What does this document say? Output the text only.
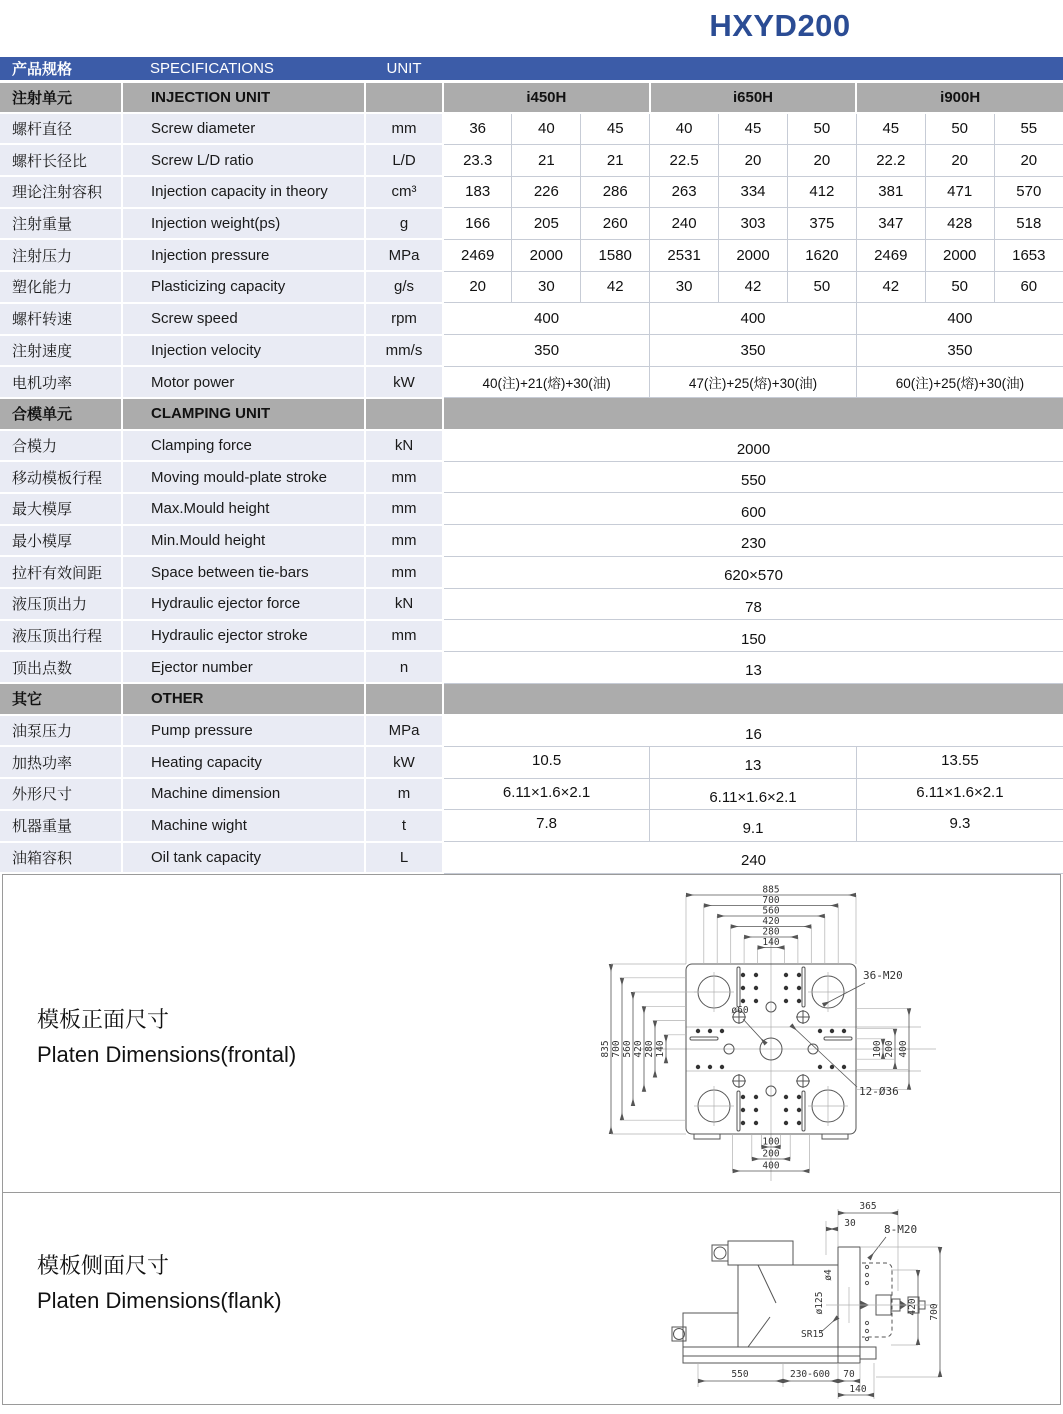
HXYD200
产品规格	SPECIFICATIONS	UNIT									
注射单元	INJECTION UNIT		i450H			i650H			i900H		
螺杆直径	Screw diameter	mm	36	40	45	40	45	50	45	50	55
螺杆长径比	Screw L/D ratio	L/D	23.3	21	21	22.5	20	20	22.2	20	20
理论注射容积	Injection capacity in theory	cm³	183	226	286	263	334	412	381	471	570
注射重量	Injection weight(ps)	g	166	205	260	240	303	375	347	428	518
注射压力	Injection pressure	MPa	2469	2000	1580	2531	2000	1620	2469	2000	1653
塑化能力	Plasticizing capacity	g/s	20	30	42	30	42	50	42	50	60
螺杆转速	Screw speed	rpm	400			400			400		
注射速度	Injection velocity	mm/s	350			350			350		
电机功率	Motor power	kW	40(注)+21(熔)+30(油)			47(注)+25(熔)+30(油)			60(注)+25(熔)+30(油)		
合模单元	CLAMPING UNIT										
合模力	Clamping force	kN	2000								
移动模板行程	Moving mould-plate stroke	mm	550								
最大模厚	Max.Mould height	mm	600								
最小模厚	Min.Mould height	mm	230								
拉杆有效间距	Space between tie-bars	mm	620×570								
液压顶出力	Hydraulic ejector force	kN	78								
液压顶出行程	Hydraulic ejector stroke	mm	150								
顶出点数	Ejector number	n	13								
其它	OTHER										
油泵压力	Pump pressure	MPa	16								
加热功率	Heating capacity	kW	10.5			13			13.55		
外形尺寸	Machine dimension	m	6.11×1.6×2.1			6.11×1.6×2.1			6.11×1.6×2.1		
机器重量	Machine wight	t	7.8			9.1			9.3		
油箱容积	Oil tank capacity	L	240								
模板正面尺寸
Platen Dimensions(frontal)
885
700
560
420
280
140
835 700 560 420 280 140	100 200 400
100
200
400
ø60
36-M20
12-Ø36
模板侧面尺寸
Platen Dimensions(flank)
365
30	8-M20
ø4
ø125
SR15
420 700
550	230-600 70
140
